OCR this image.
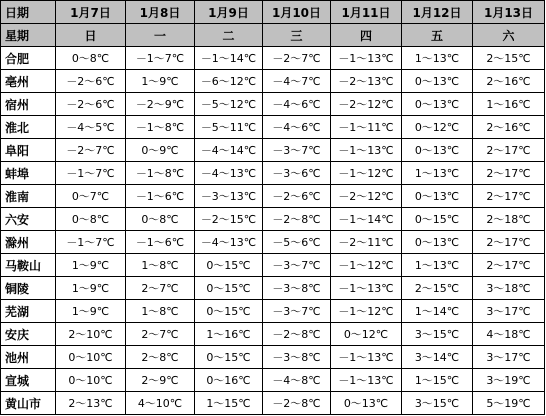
日期	1月7日	1月8日	1月9日	1月10日	1月11日	1月12日	1月13日
星期	日	一	二	三	四	五	六
合肥	0～8℃	－1～7℃	－1～14℃	－2～7℃	－1～13℃	1～13℃	2～15℃
亳州	－2～6℃	1～9℃	－6～12℃	－4～7℃	－2～13℃	0～13℃	2～16℃
宿州	－2～6℃	－2～9℃	－5～12℃	－4～6℃	－2～12℃	0～13℃	1～16℃
淮北	－4～5℃	－1～8℃	－5～11℃	－4～6℃	－1～11℃	0～12℃	2～16℃
阜阳	－2～7℃	0～9℃	－4～14℃	－3～7℃	－1～13℃	0～13℃	2～17℃
蚌埠	－1～7℃	－1～8℃	－4～13℃	－3～6℃	－1～12℃	1～13℃	2～17℃
淮南	0～7℃	－1～6℃	－3～13℃	－2～6℃	－2～12℃	0～13℃	2～17℃
六安	0～8℃	0～8℃	－2～15℃	－2～8℃	－1～14℃	0～15℃	2～18℃
滁州	－1～7℃	－1～6℃	－4～13℃	－5～6℃	－2～11℃	0～13℃	2～17℃
马鞍山	1～9℃	1～8℃	0～15℃	－3～7℃	－1～12℃	1～13℃	2～17℃
铜陵	1～9℃	2～7℃	0～15℃	－3～8℃	－1～13℃	2～15℃	3～18℃
芜湖	1～9℃	1～8℃	0～15℃	－3～7℃	－1～12℃	1～14℃	3～17℃
安庆	2～10℃	2～7℃	1～16℃	－2～8℃	0～12℃	3～15℃	4～18℃
池州	0～10℃	2～8℃	0～15℃	－3～8℃	－1～13℃	3～14℃	3～17℃
宣城	0～10℃	2～9℃	0～16℃	－4～8℃	－1～13℃	1～15℃	3～19℃
黄山市	2～13℃	4～10℃	1～15℃	－2～8℃	0～13℃	3～15℃	5～19℃
